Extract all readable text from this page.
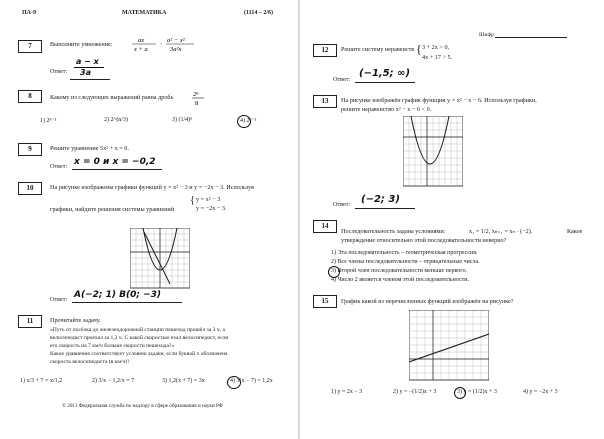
ПА-9	МАТЕМАТИКА	(1114 – 2/6)
7	Выполните умножение:
ax
x + a
· a² − x²
3a²x
Ответ:
a − x
3a
8	Какому из следующих выражений равна дробь	2ⁿ
8
1) 2ⁿ⁻³	2) 2^(n/3)	3) (1/4)ⁿ	4) 2ⁿ⁻³
9	Решите уравнение 5x² + x = 0.
Ответ: x = 0 и x = −0,2
10	На рисунке изображены графики функций y = x² − 3 и y = −2x − 3. Используя
графики, найдите решения системы уравнений
{ y = x² − 3
y = −2x − 3.
Ответ: A(−2; 1) B(0; −3)
11	Прочитайте задачу.
«Путь от посёлка до железнодорожной станции пешеход прошёл за 3 ч, а
велосипедист проехал за 1,2 ч. С какой скоростью ехал велосипедист, если
его скорость на 7 км/ч больше скорости пешехода?»
Какое уравнение соответствует условию задачи, если буквой x обозначена
скорость велосипедиста (в км/ч)?
1) x/3 + 7 = x/1,2	2) 3/x − 1,2/x = 7	3) 1,2(x + 7) = 3x	4) 3(x − 7) = 1,2x
© 2011 Федеральная служба по надзору в сфере образования и науки РФ
Шифр
12	Решите систему неравенств { 3 + 2x > 0,
4x + 17 > 5.
Ответ:
(−1,5; ∞)
13	На рисунке изображён график функции y = x² − x − 6. Используя графики,
решите неравенство x² − x − 6 < 0.
Ответ: (−2; 3)
14
Последовательность задана условиями:	x₁ = 1/2, xₙ₊₁ = xₙ · (−2).	Какое
утверждение относительно этой последовательности неверно?
1) Эта последовательность – геометрическая прогрессия.
2) Все члены последовательности – отрицательные числа.
3) Второй член последовательности меньше первого.
4) Число 2 является членом этой последовательности.
15	График какой из перечисленных функций изображён на рисунке?
1) y = 2x − 3	2) y = −(1/2)x + 3	3) y = (1/2)x + 3	4) y = −2x + 3
